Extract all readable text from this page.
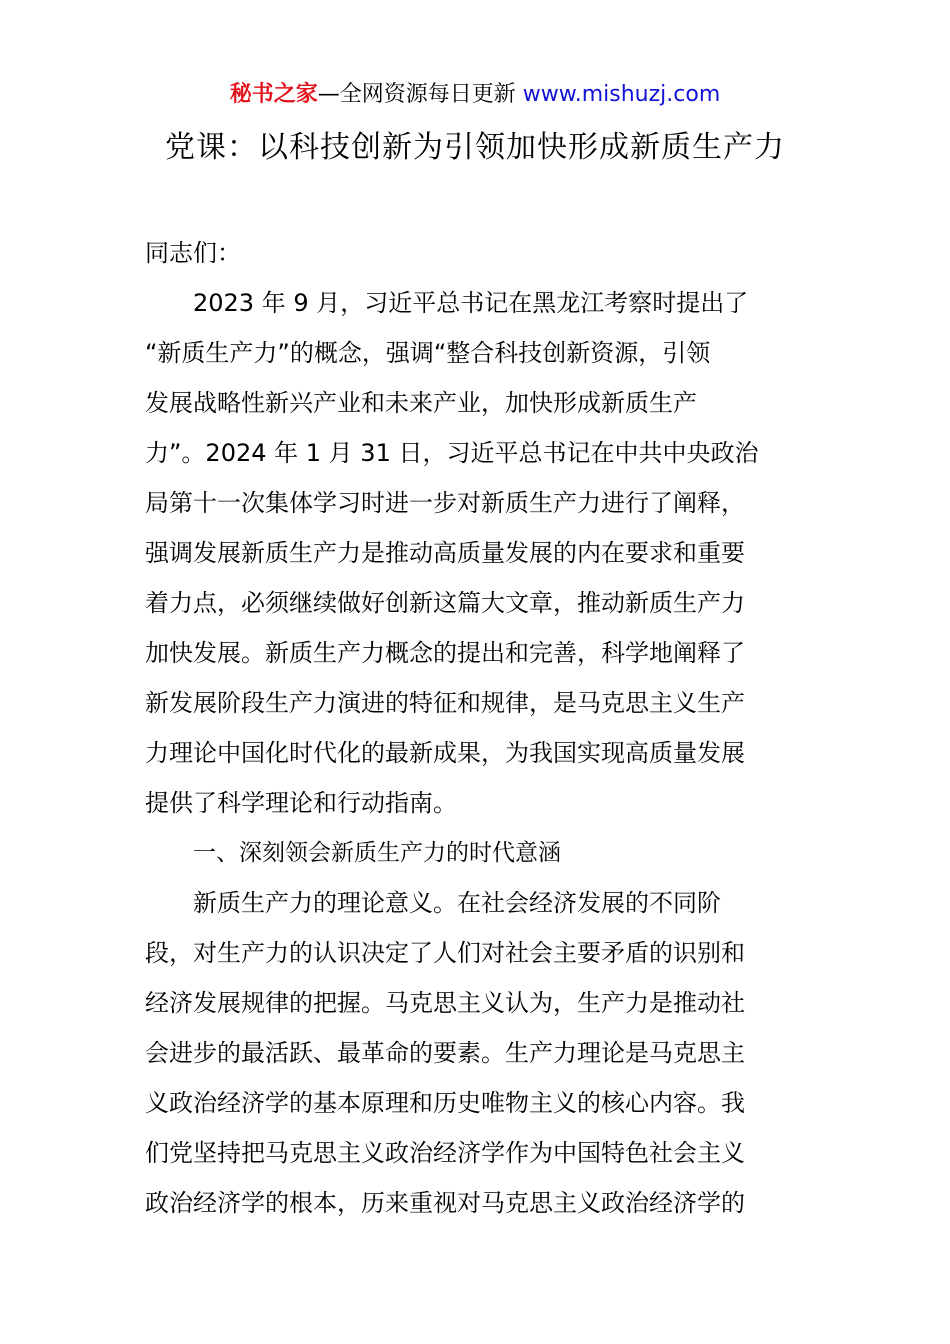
秘书之家—全网资源每日更新 www.mishuzj.com
党课：以科技创新为引领加快形成新质生产力

同志们：

2023 年 9 月，习近平总书记在黑龙江考察时提出了

“新质生产力”的概念，强调“整合科技创新资源，引领

发展战略性新兴产业和未来产业，加快形成新质生产

力”。2024 年 1 月 31 日，习近平总书记在中共中央政治

局第十一次集体学习时进一步对新质生产力进行了阐释，

强调发展新质生产力是推动高质量发展的内在要求和重要

着力点，必须继续做好创新这篇大文章，推动新质生产力

加快发展。新质生产力概念的提出和完善，科学地阐释了

新发展阶段生产力演进的特征和规律，是马克思主义生产

力理论中国化时代化的最新成果，为我国实现高质量发展

提供了科学理论和行动指南。

一、深刻领会新质生产力的时代意涵

新质生产力的理论意义。在社会经济发展的不同阶

段，对生产力的认识决定了人们对社会主要矛盾的识别和

经济发展规律的把握。马克思主义认为，生产力是推动社

会进步的最活跃、最革命的要素。生产力理论是马克思主

义政治经济学的基本原理和历史唯物主义的核心内容。我

们党坚持把马克思主义政治经济学作为中国特色社会主义

政治经济学的根本，历来重视对马克思主义政治经济学的
